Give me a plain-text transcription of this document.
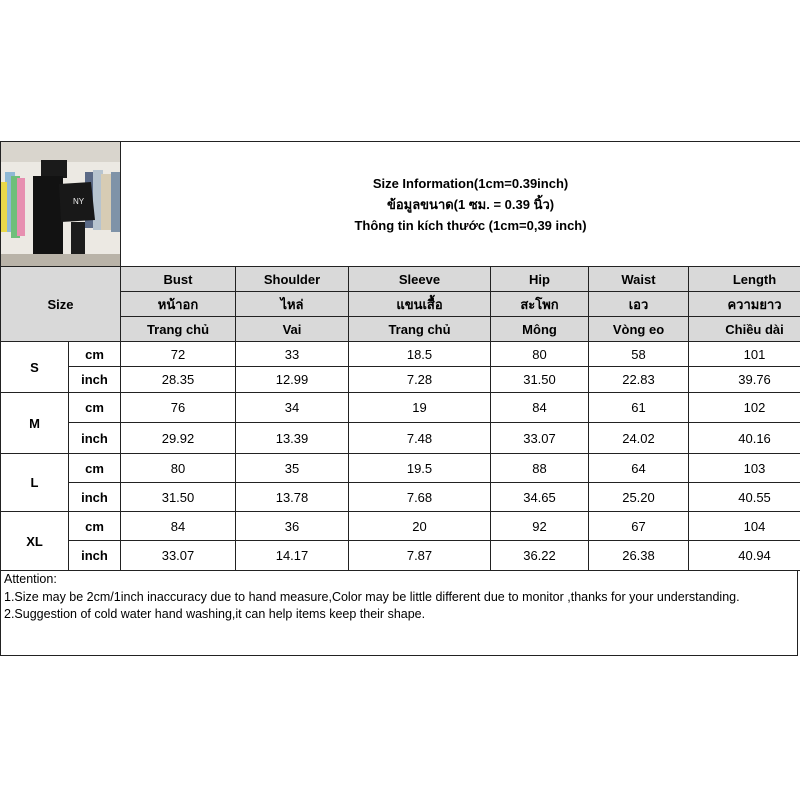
NY		Size Information(1cm=0.39inch)
ข้อมูลขนาด(1 ซม. = 0.39 นิ้ว)
Thông tin kích thước (1cm=0,39 inch)					

Size		Bust	Shoulder	Sleeve	Hip	Waist	Length
		หน้าอก	ไหล่	แขนเสื้อ	สะโพก	เอว	ความยาว
		Trang chủ	Vai	Trang chủ	Mông	Vòng eo	Chiều dài
S	cm	72	33	18.5	80	58	101
	inch	28.35	12.99	7.28	31.50	22.83	39.76
M	cm	76	34	19	84	61	102
	inch	29.92	13.39	7.48	33.07	24.02	40.16
L	cm	80	35	19.5	88	64	103
	inch	31.50	13.78	7.68	34.65	25.20	40.55
XL	cm	84	36	20	92	67	104
	inch	33.07	14.17	7.87	36.22	26.38	40.94
Attention:
1.Size may be 2cm/1inch inaccuracy due to hand measure,Color may be little different due to monitor ,thanks for your understanding.
2.Suggestion of cold water hand washing,it can help items keep their shape.
